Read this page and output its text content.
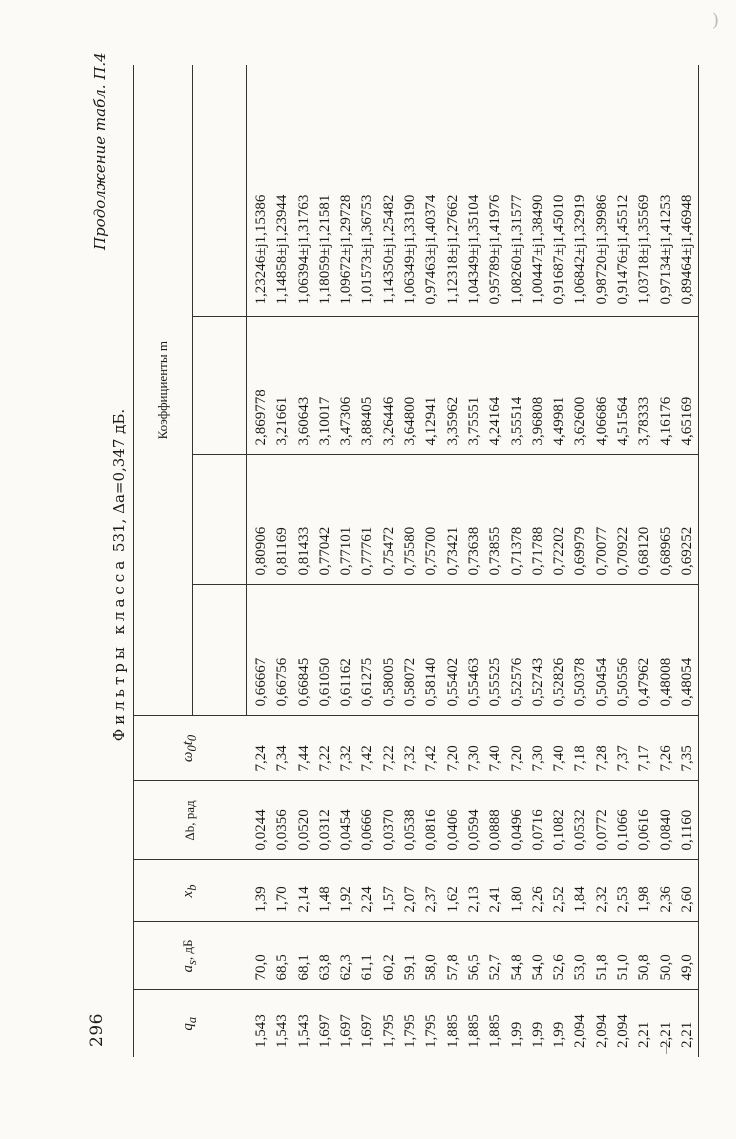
296
)
Продолжение табл. П.4
Фильтры класса 531, Δa=0,347 дБ.
$q_a$	$a_s$, дБ	$x_b$	Δb, рад	$\omega_0t_0$	Коэффициенты m			

1,543	70,0	1,39	0,0244	7,24	0,66667	0,80906	2,869778	1,23246±j1,15386
1,543	68,5	1,70	0,0356	7,34	0,66756	0,81169	3,21661	1,14858±j1,23944
1,543	68,1	2,14	0,0520	7,44	0,66845	0,81433	3,60643	1,06394±j1,31763
1,697	63,8	1,48	0,0312	7,22	0,61050	0,77042	3,10017	1,18059±j1,21581
1,697	62,3	1,92	0,0454	7,32	0,61162	0,77101	3,47306	1,09672±j1,29728
1,697	61,1	2,24	0,0666	7,42	0,61275	0,77761	3,88405	1,01573±j1,36753
1,795	60,2	1,57	0,0370	7,22	0,58005	0,75472	3,26446	1,14350±j1,25482
1,795	59,1	2,07	0,0538	7,32	0,58072	0,75580	3,64800	1,06349±j1,33190
1,795	58,0	2,37	0,0816	7,42	0,58140	0,75700	4,12941	0,97463±j1,40374
1,885	57,8	1,62	0,0406	7,20	0,55402	0,73421	3,35962	1,12318±j1,27662
1,885	56,5	2,13	0,0594	7,30	0,55463	0,73638	3,75551	1,04349±j1,35104
1,885	52,7	2,41	0,0888	7,40	0,55525	0,73855	4,24164	0,95789±j1,41976
1,99	54,8	1,80	0,0496	7,20	0,52576	0,71378	3,55514	1,08260±j1,31577
1,99	54,0	2,26	0,0716	7,30	0,52743	0,71788	3,96808	1,00447±j1,38490
1,99	52,6	2,52	0,1082	7,40	0,52826	0,72202	4,49981	0,91687±j1,45010
2,094	53,0	1,84	0,0532	7,18	0,50378	0,69979	3,62600	1,06842±j1,32919
2,094	51,8	2,32	0,0772	7,28	0,50454	0,70077	4,06686	0,98720±j1,39986
2,094	51,0	2,53	0,1066	7,37	0,50556	0,70922	4,51564	0,91476±j1,45512
2,21	50,8	1,98	0,0616	7,17	0,47962	0,68120	3,78333	1,03718±j1,35569
2,21	50,0	2,36	0,0840	7,26	0,48008	0,68965	4,16176	0,97134±j1,41253
2,21	49,0	2,60	0,1160	7,35	0,48054	0,69252	4,65169	0,89464±j1,46948
